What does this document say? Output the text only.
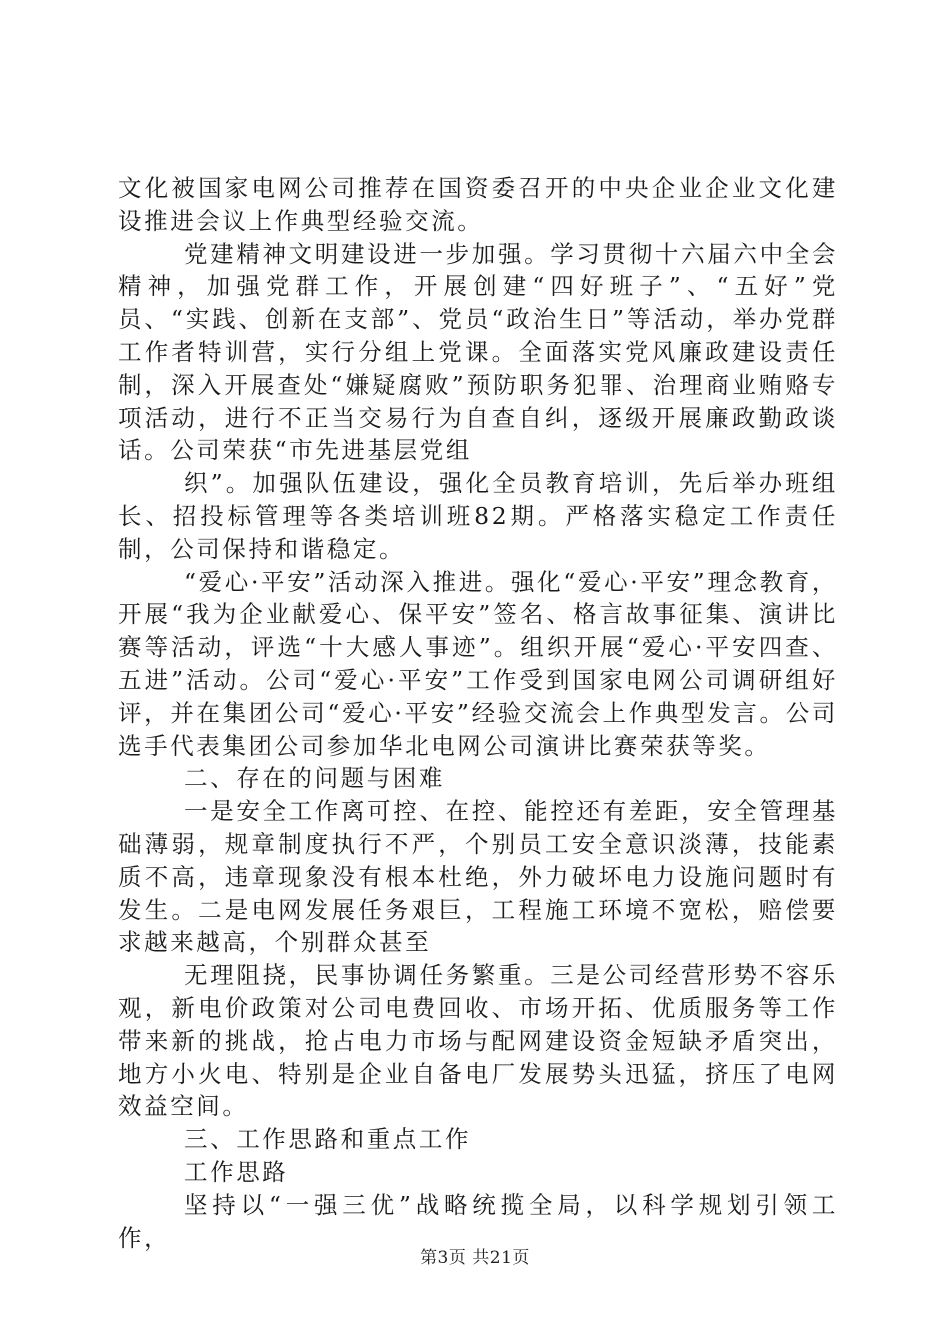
文化被国家电网公司推荐在国资委召开的中央企业企业文化建设推进会议上作典型经验交流。

党建精神文明建设进一步加强。学习贯彻十六届六中全会精神，加强党群工作，开展创建“四好班子”、“五好”党员、“实践、创新在支部”、党员“政治生日”等活动，举办党群工作者特训营，实行分组上党课。全面落实党风廉政建设责任制，深入开展查处“嫌疑腐败”预防职务犯罪、治理商业贿赂专项活动，进行不正当交易行为自查自纠，逐级开展廉政勤政谈话。公司荣获“市先进基层党组

织”。加强队伍建设，强化全员教育培训，先后举办班组长、招投标管理等各类培训班82期。严格落实稳定工作责任制，公司保持和谐稳定。

“爱心·平安”活动深入推进。强化“爱心·平安”理念教育，开展“我为企业献爱心、保平安”签名、格言故事征集、演讲比赛等活动，评选“十大感人事迹”。组织开展“爱心·平安四查、五进”活动。公司“爱心·平安”工作受到国家电网公司调研组好评，并在集团公司“爱心·平安”经验交流会上作典型发言。公司选手代表集团公司参加华北电网公司演讲比赛荣获等奖。

二、存在的问题与困难

一是安全工作离可控、在控、能控还有差距，安全管理基础薄弱，规章制度执行不严，个别员工安全意识淡薄，技能素质不高，违章现象没有根本杜绝，外力破坏电力设施问题时有发生。二是电网发展任务艰巨，工程施工环境不宽松，赔偿要求越来越高，个别群众甚至

无理阻挠，民事协调任务繁重。三是公司经营形势不容乐观，新电价政策对公司电费回收、市场开拓、优质服务等工作带来新的挑战，抢占电力市场与配网建设资金短缺矛盾突出，地方小火电、特别是企业自备电厂发展势头迅猛，挤压了电网效益空间。

三、工作思路和重点工作

工作思路

坚持以“一强三优”战略统揽全局，以科学规划引领工作，

第3页 共21页
